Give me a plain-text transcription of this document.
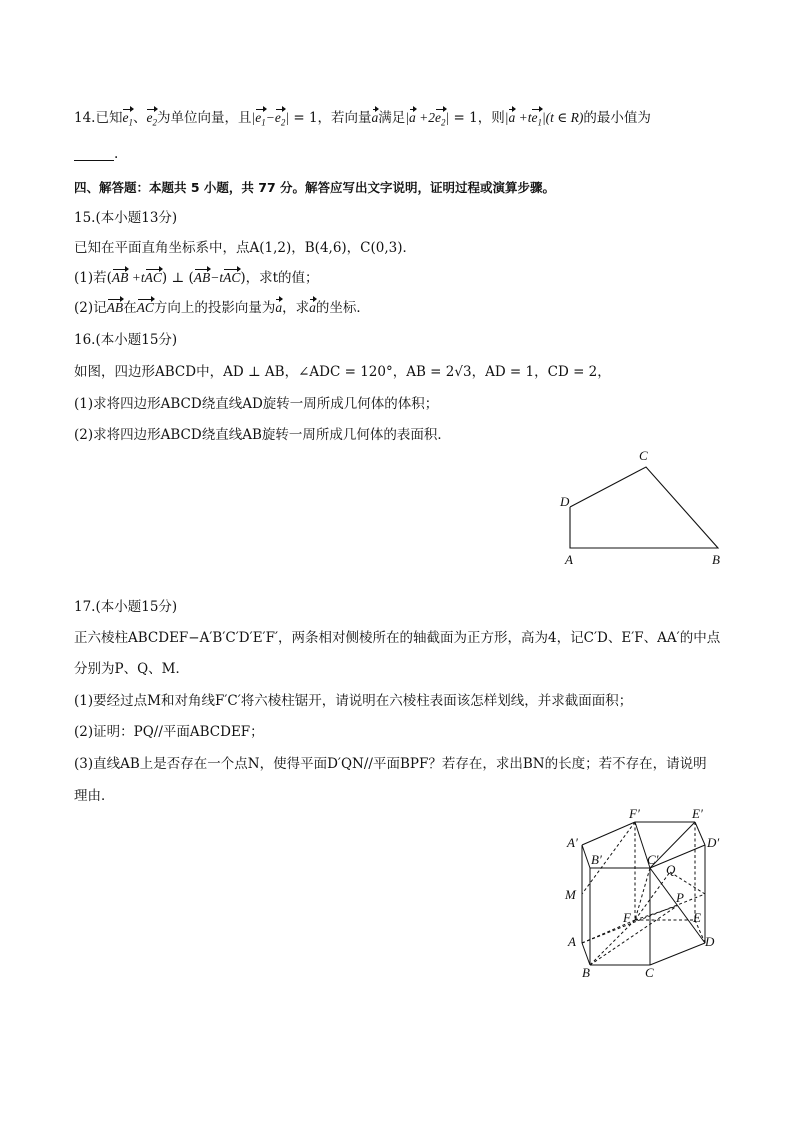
14.已知$e_1$、$e_2$为单位向量，且$|e_1-e_2| = 1$，若向量a满足$|a +2e_2| = 1$，则$|a +te_1|(t$ ∈ R)的最小值为
.
四、解答题：本题共 5 小题，共 77 分。解答应写出文字说明，证明过程或演算步骤。
15.(本小题13分)
已知在平面直角坐标系中，点A(1,2)，B(4,6)，C(0,3)．
(1)若(AB +tAC) ⊥ (AB−tAC)，求t的值；
(2)记AB在AC方向上的投影向量为a，求a的坐标．
16.(本小题15分)
如图，四边形ABCD中，AD ⊥ AB，∠ADC = 120°，AB = 2√3，AD = 1，CD = 2，
(1)求将四边形ABCD绕直线AD旋转一周所成几何体的体积；
(2)求将四边形ABCD绕直线AB旋转一周所成几何体的表面积．
C
D
A	B
17.(本小题15分)
正六棱柱ABCDEF−A′B′C′D′E′F′，两条相对侧棱所在的轴截面为正方形，高为4，记C′D、E′F、AA′的中点
分别为P、Q、M．
(1)要经过点M和对角线F′C′将六棱柱锯开，请说明在六棱柱表面该怎样划线，并求截面面积；
(2)证明：PQ//平面ABCDEF；
(3)直线AB上是否存在一个点N，使得平面D′QN//平面BPF？若存在，求出BN的长度；若不存在，请说明
理由．
F′	E′
D′
A′
B′	C′
Q
M	P
F	E
A	D
B	C
